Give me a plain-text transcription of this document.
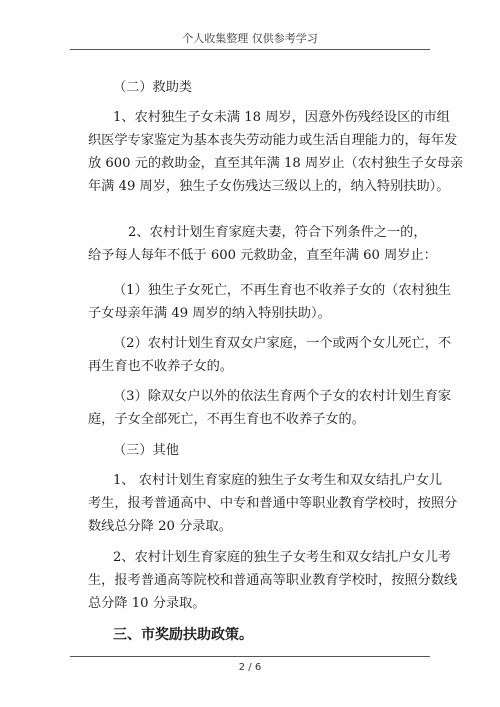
个人收集整理 仅供参考学习
（二）救助类
1、农村独生子女未满 18 周岁，因意外伤残经设区的市组
织医学专家鉴定为基本丧失劳动能力或生活自理能力的，每年发
放 600 元的救助金，直至其年满 18 周岁止（农村独生子女母亲
年满 49 周岁，独生子女伤残达三级以上的，纳入特别扶助）。
2、农村计划生育家庭夫妻，符合下列条件之一的，
给予每人每年不低于 600 元救助金，直至年满 60 周岁止：
（1）独生子女死亡，不再生育也不收养子女的（农村独生
子女母亲年满 49 周岁的纳入特别扶助）。
（2）农村计划生育双女户家庭，一个或两个女儿死亡，不
再生育也不收养子女的。
（3）除双女户以外的依法生育两个子女的农村计划生育家
庭，子女全部死亡，不再生育也不收养子女的。
（三）其他
1、 农村计划生育家庭的独生子女考生和双女结扎户女儿
考生，报考普通高中、中专和普通中等职业教育学校时，按照分
数线总分降 20 分录取。
2、农村计划生育家庭的独生子女考生和双女结扎户女儿考
生，报考普通高等院校和普通高等职业教育学校时，按照分数线
总分降 10 分录取。
三、市奖励扶助政策。
2 / 6
